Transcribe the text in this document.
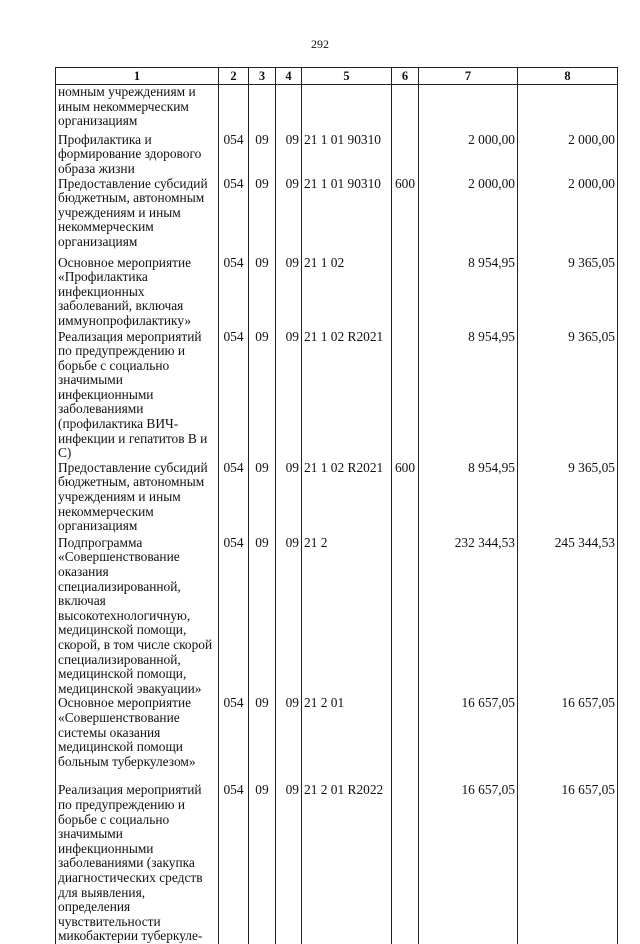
292
1	2	3	4	5	6	7	8
номным учреждениям и иным некоммерческим организациям							
Профилактика и формирование здорового образа жизни	054	09	09	21 1 01 90310		2 000,00	2 000,00
Предоставление субсидий бюджетным, автономным учреждениям и иным некоммерческим организациям	054	09	09	21 1 01 90310	600	2 000,00	2 000,00
Основное мероприятие «Профилактика инфекционных заболеваний, включая иммунопрофилактику»	054	09	09	21 1 02		8 954,95	9 365,05
Реализация мероприятий по предупреждению и борьбе с социально значимыми инфекционными заболеваниями (профилактика ВИЧ-инфекции и гепатитов В и С)	054	09	09	21 1 02 R2021		8 954,95	9 365,05
Предоставление субсидий бюджетным, автономным учреждениям и иным некоммерческим организациям	054	09	09	21 1 02 R2021	600	8 954,95	9 365,05
Подпрограмма «Совершенствование оказания специализированной, включая высокотехнологичную, медицинской помощи, скорой, в том числе скорой специализированной, медицинской помощи, медицинской эвакуации»	054	09	09	21 2		232 344,53	245 344,53
Основное мероприятие «Совершенствование системы оказания медицинской помощи больным туберкулезом»	054	09	09	21 2 01		16 657,05	16 657,05
Реализация мероприятий по предупреждению и борьбе с социально значимыми инфекционными заболеваниями (закупка диагностических средств для выявления, определения чувствительности микобактерии туберкуле-	054	09	09	21 2 01 R2022		16 657,05	16 657,05
